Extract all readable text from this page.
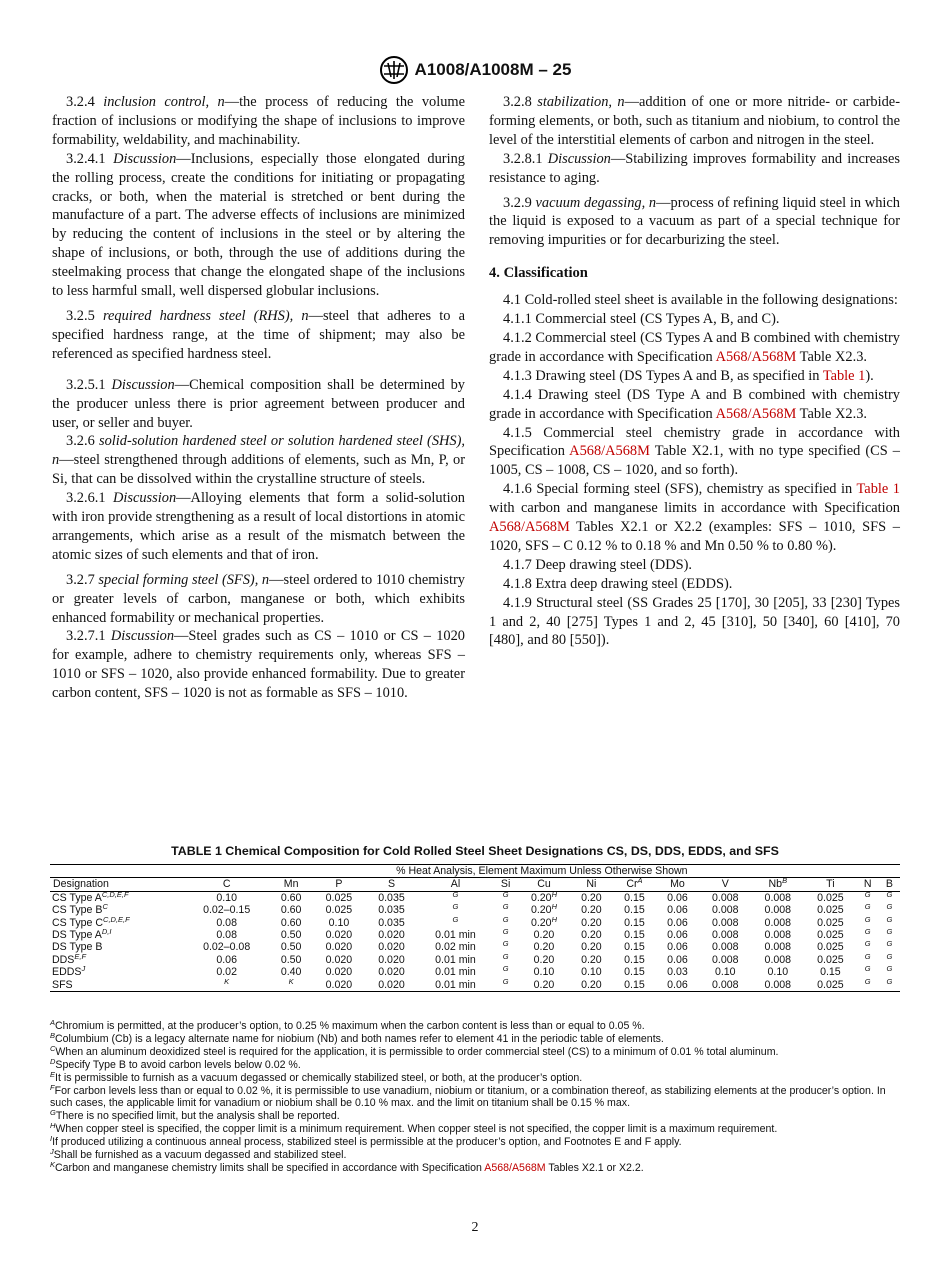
A1008/A1008M – 25

3.2.4 inclusion control, n—the process of reducing the volume fraction of inclusions or modifying the shape of inclusions to improve formability, weldability, and machinability.

3.2.4.1 Discussion—Inclusions, especially those elongated during the rolling process, create the conditions for initiating or propagating cracks, or both, when the material is stretched or bent during the manufacture of a part. The adverse effects of inclusions are minimized by reducing the content of inclusions in the steel or by altering the shape of inclusions, or both, through the use of additions during the steelmaking process that change the elongated shape of the inclusions to less harmful small, well dispersed globular inclusions.

3.2.5 required hardness steel (RHS), n—steel that adheres to a specified hardness range, at the time of shipment; may also be referenced as specified hardness steel.

3.2.5.1 Discussion—Chemical composition shall be determined by the producer unless there is prior agreement between producer and user, or seller and buyer.

3.2.6 solid-solution hardened steel or solution hardened steel (SHS), n—steel strengthened through additions of elements, such as Mn, P, or Si, that can be dissolved within the crystalline structure of steels.

3.2.6.1 Discussion—Alloying elements that form a solid-solution with iron provide strengthening as a result of local distortions in atomic arrangements, which arise as a result of the mismatch between the atomic sizes of such elements and that of iron.

3.2.7 special forming steel (SFS), n—steel ordered to 1010 chemistry or greater levels of carbon, manganese or both, which exhibits enhanced formability or mechanical properties.

3.2.7.1 Discussion—Steel grades such as CS – 1010 or CS – 1020 for example, adhere to chemistry requirements only, whereas SFS – 1010 or SFS – 1020, also provide enhanced formability. Due to greater carbon content, SFS – 1020 is not as formable as SFS – 1010.

3.2.8 stabilization, n—addition of one or more nitride- or carbide-forming elements, or both, such as titanium and niobium, to control the level of the interstitial elements of carbon and nitrogen in the steel.

3.2.8.1 Discussion—Stabilizing improves formability and increases resistance to aging.

3.2.9 vacuum degassing, n—process of refining liquid steel in which the liquid is exposed to a vacuum as part of a special technique for removing impurities or for decarburizing the steel.

4. Classification

4.1 Cold-rolled steel sheet is available in the following designations:

4.1.1 Commercial steel (CS Types A, B, and C).

4.1.2 Commercial steel (CS Types A and B combined with chemistry grade in accordance with Specification A568/A568M Table X2.3.

4.1.3 Drawing steel (DS Types A and B, as specified in Table 1).

4.1.4 Drawing steel (DS Type A and B combined with chemistry grade in accordance with Specification A568/A568M Table X2.3.

4.1.5 Commercial steel chemistry grade in accordance with Specification A568/A568M Table X2.1, with no type specified (CS – 1005, CS – 1008, CS – 1020, and so forth).

4.1.6 Special forming steel (SFS), chemistry as specified in Table 1 with carbon and manganese limits in accordance with Specification A568/A568M Tables X2.1 or X2.2 (examples: SFS – 1010, SFS – 1020, SFS – C 0.12 % to 0.18 % and Mn 0.50 % to 0.80 %).

4.1.7 Deep drawing steel (DDS).

4.1.8 Extra deep drawing steel (EDDS).

4.1.9 Structural steel (SS Grades 25 [170], 30 [205], 33 [230] Types 1 and 2, 40 [275] Types 1 and 2, 45 [310], 50 [340], 60 [410], 70 [480], and 80 [550]).

TABLE 1 Chemical Composition for Cold Rolled Steel Sheet Designations CS, DS, DDS, EDDS, and SFS
	% Heat Analysis, Element Maximum Unless Otherwise Shown														
Designation	C	Mn	P	S	Al	Si	Cu	Ni	$Cr^A$	Mo	V	$Nb^B$	Ti	N	B
CS Type $A^{C,D,E,F}$	0.10	0.60	0.025	0.035	$^G$	$^G$	$0.20^H$	0.20	0.15	0.06	0.008	0.008	0.025	$^G$	$^G$
CS Type $B^C$	0.02–0.15	0.60	0.025	0.035	$^G$	$^G$	$0.20^H$	0.20	0.15	0.06	0.008	0.008	0.025	$^G$	$^G$
CS Type $C^{C,D,E,F}$	0.08	0.60	0.10	0.035	$^G$	$^G$	$0.20^H$	0.20	0.15	0.06	0.008	0.008	0.025	$^G$	$^G$
DS Type $A^{D,I}$	0.08	0.50	0.020	0.020	0.01 min	$^G$	0.20	0.20	0.15	0.06	0.008	0.008	0.025	$^G$	$^G$
DS Type B	0.02–0.08	0.50	0.020	0.020	0.02 min	$^G$	0.20	0.20	0.15	0.06	0.008	0.008	0.025	$^G$	$^G$
$DDS^{E,F}$	0.06	0.50	0.020	0.020	0.01 min	$^G$	0.20	0.20	0.15	0.06	0.008	0.008	0.025	$^G$	$^G$
$EDDS^J$	0.02	0.40	0.020	0.020	0.01 min	$^G$	0.10	0.10	0.15	0.03	0.10	0.10	0.15	$^G$	$^G$
SFS	$^K$	$^K$	0.020	0.020	0.01 min	$^G$	0.20	0.20	0.15	0.06	0.008	0.008	0.025	$^G$	$^G$
$^A$Chromium is permitted, at the producer’s option, to 0.25 % maximum when the carbon content is less than or equal to 0.05 %.
$^B$Columbium (Cb) is a legacy alternate name for niobium (Nb) and both names refer to element 41 in the periodic table of elements.
$^C$When an aluminum deoxidized steel is required for the application, it is permissible to order commercial steel (CS) to a minimum of 0.01 % total aluminum.
$^D$Specify Type B to avoid carbon levels below 0.02 %.
$^E$It is permissible to furnish as a vacuum degassed or chemically stabilized steel, or both, at the producer’s option.
$^F$For carbon levels less than or equal to 0.02 %, it is permissible to use vanadium, niobium or titanium, or a combination thereof, as stabilizing elements at the producer’s option. In such cases, the applicable limit for vanadium or niobium shall be 0.10 % max. and the limit on titanium shall be 0.15 % max.
$^G$There is no specified limit, but the analysis shall be reported.
$^H$When copper steel is specified, the copper limit is a minimum requirement. When copper steel is not specified, the copper limit is a maximum requirement.
$^I$If produced utilizing a continuous anneal process, stabilized steel is permissible at the producer’s option, and Footnotes E and F apply.
$^J$Shall be furnished as a vacuum degassed and stabilized steel.
$^K$Carbon and manganese chemistry limits shall be specified in accordance with Specification A568/A568M Tables X2.1 or X2.2.
2
